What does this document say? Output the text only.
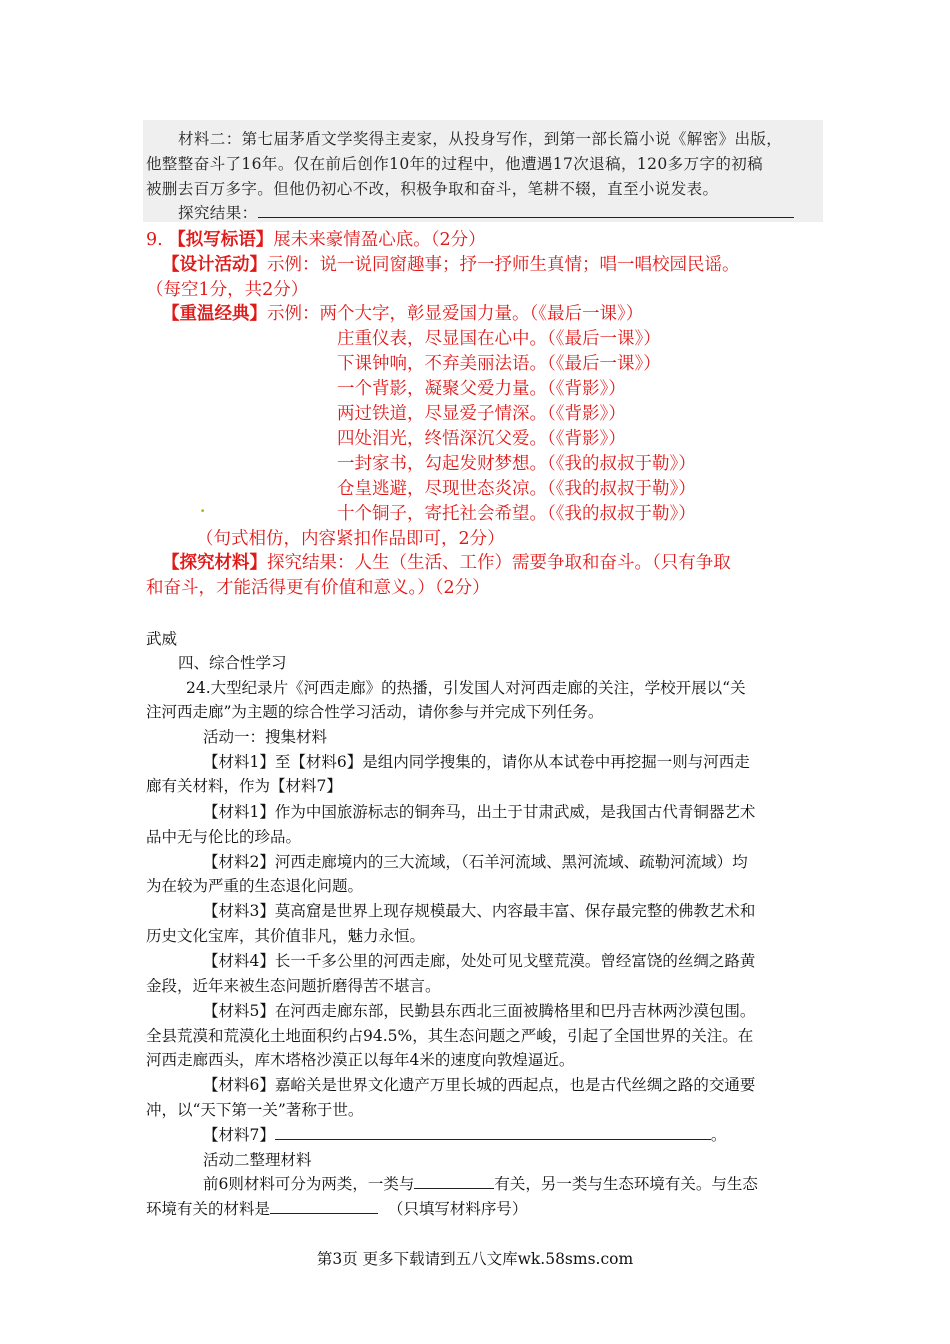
材料二：第七届茅盾文学奖得主麦家，从投身写作，到第一部长篇小说《解密》出版，
他整整奋斗了16年。仅在前后创作10年的过程中，他遭遇17次退稿，120多万字的初稿
被删去百万多字。但他仍初心不改，积极争取和奋斗，笔耕不辍，直至小说发表。
探究结果：
9. 【拟写标语】展未来豪情盈心底。（2分）
【设计活动】示例：说一说同窗趣事；抒一抒师生真情；唱一唱校园民谣。
（每空1分，共2分）
【重温经典】示例：两个大字，彰显爱国力量。（《最后一课》）
庄重仪表，尽显国在心中。（《最后一课》）
下课钟响，不弃美丽法语。（《最后一课》）
一个背影，凝聚父爱力量。（《背影》）
两过铁道，尽显爱子情深。（《背影》）
四处泪光，终悟深沉父爱。（《背影》）
一封家书，勾起发财梦想。（《我的叔叔于勒》）
仓皇逃避，尽现世态炎凉。（《我的叔叔于勒》）
.	十个铜子，寄托社会希望。（《我的叔叔于勒》）
（句式相仿，内容紧扣作品即可，2分）
【探究材料】探究结果：人生（生活、工作）需要争取和奋斗。（只有争取
和奋斗，才能活得更有价值和意义。）（2分）
武威
四、综合性学习
24.大型纪录片《河西走廊》的热播，引发国人对河西走廊的关注，学校开展以“关
注河西走廊”为主题的综合性学习活动，请你参与并完成下列任务。
活动一：搜集材料
【材料1】至【材料6】是组内同学搜集的，请你从本试卷中再挖掘一则与河西走
廊有关材料，作为【材料7】
【材料1】作为中国旅游标志的铜奔马，出土于甘肃武威，是我国古代青铜器艺术
品中无与伦比的珍品。
【材料2】河西走廊境内的三大流域，（石羊河流域、黑河流域、疏勒河流域）均
为在较为严重的生态退化问题。
【材料3】莫高窟是世界上现存规模最大、内容最丰富、保存最完整的佛教艺术和
历史文化宝库，其价值非凡，魅力永恒。
【材料4】长一千多公里的河西走廊，处处可见戈壁荒漠。曾经富饶的丝绸之路黄
金段，近年来被生态问题折磨得苦不堪言。
【材料5】在河西走廊东部，民勤县东西北三面被腾格里和巴丹吉林两沙漠包围。
全县荒漠和荒漠化土地面积约占94.5%，其生态问题之严峻，引起了全国世界的关注。在
河西走廊西头，库木塔格沙漠正以每年4米的速度向敦煌逼近。
【材料6】嘉峪关是世界文化遗产万里长城的西起点，也是古代丝绸之路的交通要
冲，以“天下第一关”著称于世。
【材料7】	。
活动二整理材料
前6则材料可分为两类，一类与	有关，另一类与生态环境有关。与生态
环境有关的材料是	（只填写材料序号）
第3页 更多下载请到五八文库wk.58sms.com
